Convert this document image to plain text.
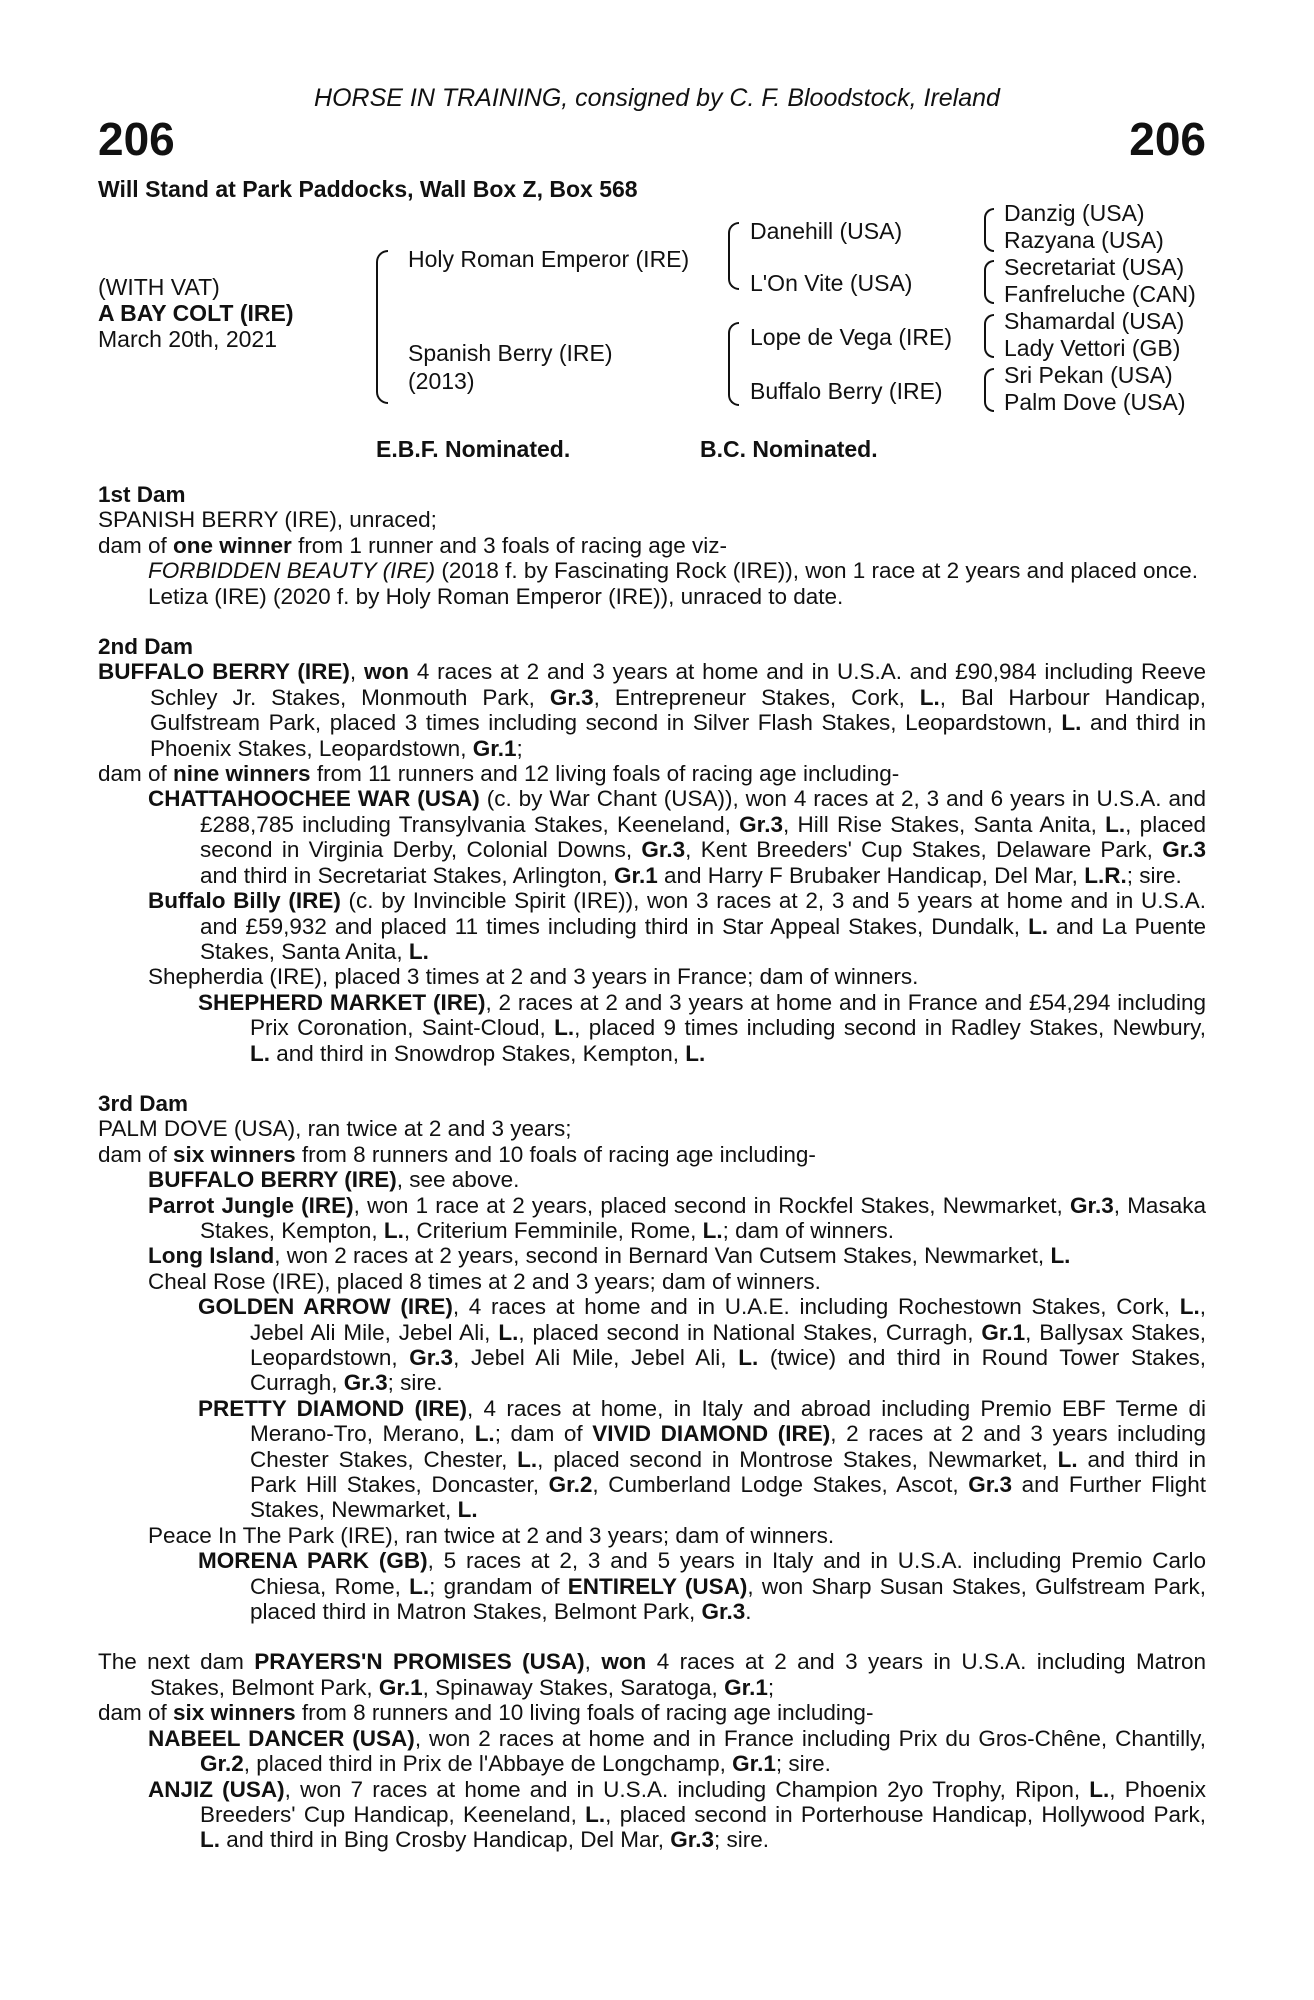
HORSE IN TRAINING, consigned by C. F. Bloodstock, Ireland
206	206
Will Stand at Park Paddocks, Wall Box Z, Box 568
(WITH VAT)
A BAY COLT (IRE)
March 20th, 2021
Holy Roman Emperor (IRE)
Spanish Berry (IRE)
(2013)
Danehill (USA)
L'On Vite (USA)
Lope de Vega (IRE)
Buffalo Berry (IRE)
Danzig (USA)
Razyana (USA)
Secretariat (USA)
Fanfreluche (CAN)
Shamardal (USA)
Lady Vettori (GB)
Sri Pekan (USA)
Palm Dove (USA)
E.B.F. Nominated.	B.C. Nominated.

1st Dam

SPANISH BERRY (IRE), unraced;

dam of one winner from 1 runner and 3 foals of racing age viz-

FORBIDDEN BEAUTY (IRE) (2018 f. by Fascinating Rock (IRE)), won 1 race at 2 years and placed once.

Letiza (IRE) (2020 f. by Holy Roman Emperor (IRE)), unraced to date.

2nd Dam

BUFFALO BERRY (IRE), won 4 races at 2 and 3 years at home and in U.S.A. and £90,984 including Reeve Schley Jr. Stakes, Monmouth Park, Gr.3, Entrepreneur Stakes, Cork, L., Bal Harbour Handicap, Gulfstream Park, placed 3 times including second in Silver Flash Stakes, Leopardstown, L. and third in Phoenix Stakes, Leopardstown, Gr.1;

dam of nine winners from 11 runners and 12 living foals of racing age including-

CHATTAHOOCHEE WAR (USA) (c. by War Chant (USA)), won 4 races at 2, 3 and 6 years in U.S.A. and £288,785 including Transylvania Stakes, Keeneland, Gr.3, Hill Rise Stakes, Santa Anita, L., placed second in Virginia Derby, Colonial Downs, Gr.3, Kent Breeders' Cup Stakes, Delaware Park, Gr.3 and third in Secretariat Stakes, Arlington, Gr.1 and Harry F Brubaker Handicap, Del Mar, L.R.; sire.

Buffalo Billy (IRE) (c. by Invincible Spirit (IRE)), won 3 races at 2, 3 and 5 years at home and in U.S.A. and £59,932 and placed 11 times including third in Star Appeal Stakes, Dundalk, L. and La Puente Stakes, Santa Anita, L.

Shepherdia (IRE), placed 3 times at 2 and 3 years in France; dam of winners.

SHEPHERD MARKET (IRE), 2 races at 2 and 3 years at home and in France and £54,294 including Prix Coronation, Saint-Cloud, L., placed 9 times including second in Radley Stakes, Newbury, L. and third in Snowdrop Stakes, Kempton, L.

3rd Dam

PALM DOVE (USA), ran twice at 2 and 3 years;

dam of six winners from 8 runners and 10 foals of racing age including-

BUFFALO BERRY (IRE), see above.

Parrot Jungle (IRE), won 1 race at 2 years, placed second in Rockfel Stakes, Newmarket, Gr.3, Masaka Stakes, Kempton, L., Criterium Femminile, Rome, L.; dam of winners.

Long Island, won 2 races at 2 years, second in Bernard Van Cutsem Stakes, Newmarket, L.

Cheal Rose (IRE), placed 8 times at 2 and 3 years; dam of winners.

GOLDEN ARROW (IRE), 4 races at home and in U.A.E. including Rochestown Stakes, Cork, L., Jebel Ali Mile, Jebel Ali, L., placed second in National Stakes, Curragh, Gr.1, Ballysax Stakes, Leopardstown, Gr.3, Jebel Ali Mile, Jebel Ali, L. (twice) and third in Round Tower Stakes, Curragh, Gr.3; sire.

PRETTY DIAMOND (IRE), 4 races at home, in Italy and abroad including Premio EBF Terme di Merano-Tro, Merano, L.; dam of VIVID DIAMOND (IRE), 2 races at 2 and 3 years including Chester Stakes, Chester, L., placed second in Montrose Stakes, Newmarket, L. and third in Park Hill Stakes, Doncaster, Gr.2, Cumberland Lodge Stakes, Ascot, Gr.3 and Further Flight Stakes, Newmarket, L.

Peace In The Park (IRE), ran twice at 2 and 3 years; dam of winners.

MORENA PARK (GB), 5 races at 2, 3 and 5 years in Italy and in U.S.A. including Premio Carlo Chiesa, Rome, L.; grandam of ENTIRELY (USA), won Sharp Susan Stakes, Gulfstream Park, placed third in Matron Stakes, Belmont Park, Gr.3.

The next dam PRAYERS'N PROMISES (USA), won 4 races at 2 and 3 years in U.S.A. including Matron Stakes, Belmont Park, Gr.1, Spinaway Stakes, Saratoga, Gr.1;

dam of six winners from 8 runners and 10 living foals of racing age including-

NABEEL DANCER (USA), won 2 races at home and in France including Prix du Gros-Chêne, Chantilly, Gr.2, placed third in Prix de l'Abbaye de Longchamp, Gr.1; sire.

ANJIZ (USA), won 7 races at home and in U.S.A. including Champion 2yo Trophy, Ripon, L., Phoenix Breeders' Cup Handicap, Keeneland, L., placed second in Porterhouse Handicap, Hollywood Park, L. and third in Bing Crosby Handicap, Del Mar, Gr.3; sire.
